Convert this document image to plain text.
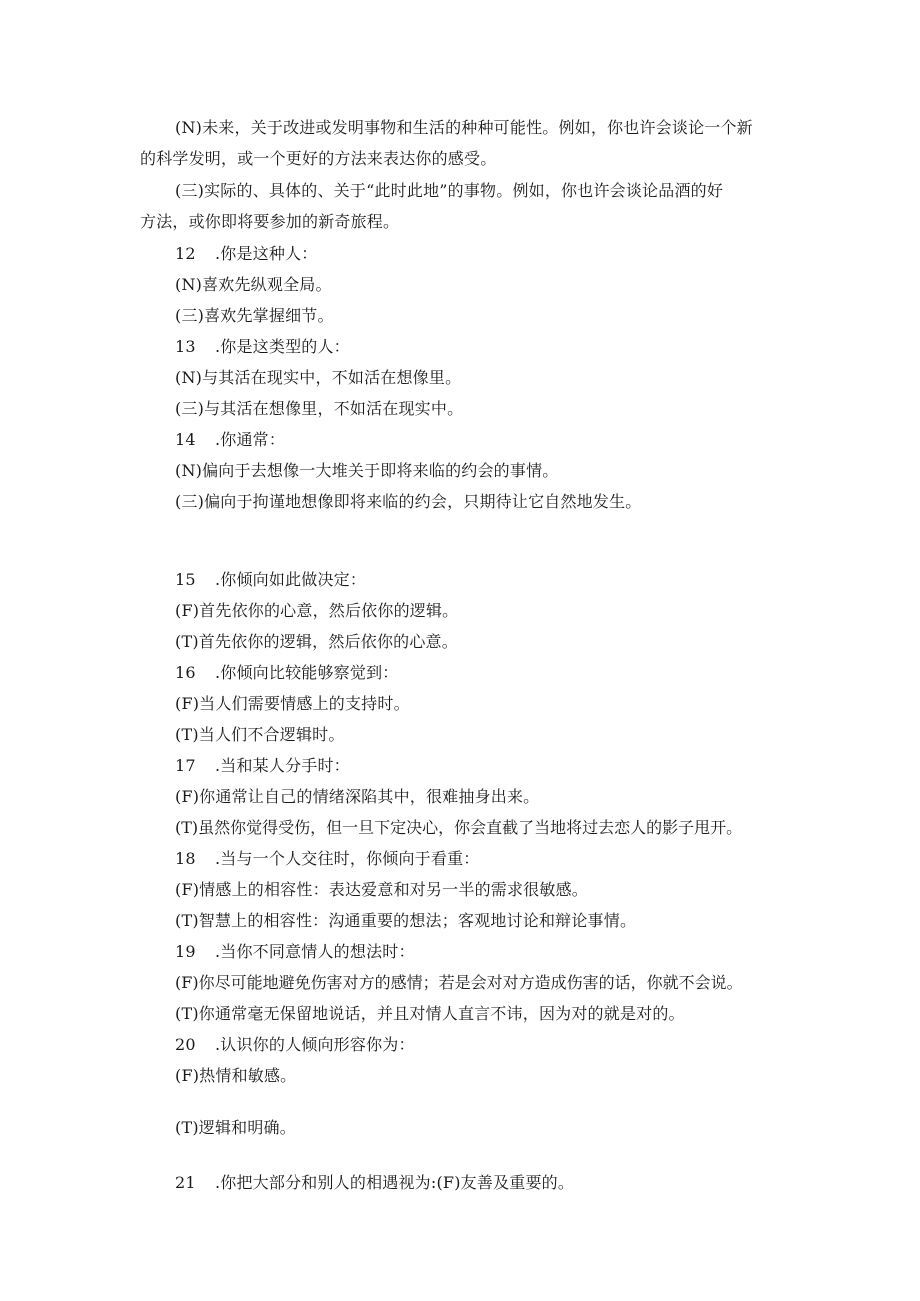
(N)未来，关于改进或发明事物和生活的种种可能性。例如，你也许会谈论一个新
的科学发明，或一个更好的方法来表达你的感受。
(三)实际的、具体的、关于“此时此地”的事物。例如，你也许会谈论品酒的好
方法，或你即将要参加的新奇旅程。
12 .你是这种人：
(N)喜欢先纵观全局。
(三)喜欢先掌握细节。
13 .你是这类型的人：
(N)与其活在现实中，不如活在想像里。
(三)与其活在想像里，不如活在现实中。
14 .你通常：
(N)偏向于去想像一大堆关于即将来临的约会的事情。
(三)偏向于拘谨地想像即将来临的约会，只期待让它自然地发生。
15 .你倾向如此做决定：
(F)首先依你的心意，然后依你的逻辑。
(T)首先依你的逻辑，然后依你的心意。
16 .你倾向比较能够察觉到：
(F)当人们需要情感上的支持时。
(T)当人们不合逻辑时。
17 .当和某人分手时：
(F)你通常让自己的情绪深陷其中，很难抽身出来。
(T)虽然你觉得受伤，但一旦下定决心，你会直截了当地将过去恋人的影子甩开。
18 .当与一个人交往时，你倾向于看重：
(F)情感上的相容性：表达爱意和对另一半的需求很敏感。
(T)智慧上的相容性：沟通重要的想法；客观地讨论和辩论事情。
19 .当你不同意情人的想法时：
(F)你尽可能地避免伤害对方的感情；若是会对对方造成伤害的话，你就不会说。
(T)你通常毫无保留地说话，并且对情人直言不讳，因为对的就是对的。
20 .认识你的人倾向形容你为：
(F)热情和敏感。
(T)逻辑和明确。
21 .你把大部分和别人的相遇视为:(F)友善及重要的。
